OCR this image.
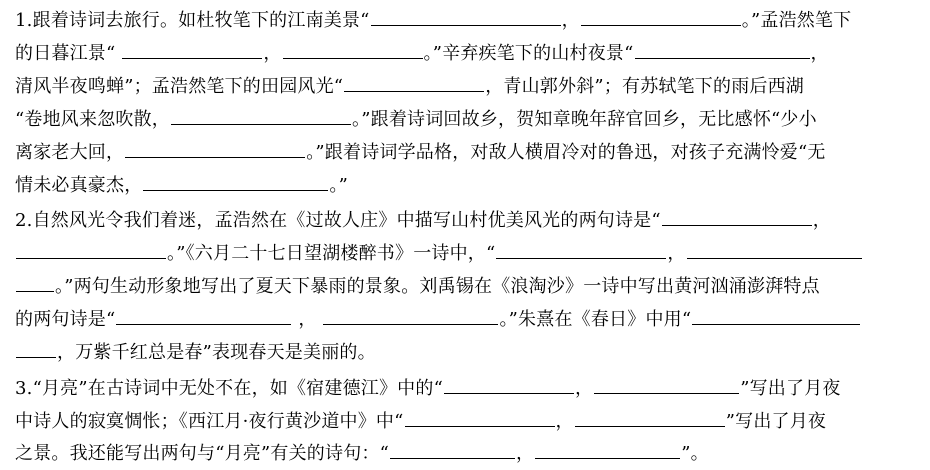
1.跟着诗词去旅行。如杜牧笔下的江南美景“	，	。”孟浩然笔下
的日暮江景“	，	。”辛弃疾笔下的山村夜景“	，
清风半夜鸣蝉”；孟浩然笔下的田园风光“	，青山郭外斜”；有苏轼笔下的雨后西湖
“卷地风来忽吹散，	。”跟着诗词回故乡，贺知章晚年辞官回乡，无比感怀“少小
离家老大回，	。”跟着诗词学品格，对敌人横眉冷对的鲁迅，对孩子充满怜爱“无
情未必真豪杰，	。”
2.自然风光令我们着迷，孟浩然在《过故人庄》中描写山村优美风光的两句诗是“	，
。”《六月二十七日望湖楼醉书》一诗中，“	，
。”两句生动形象地写出了夏天下暴雨的景象。刘禹锡在《浪淘沙》一诗中写出黄河汹涌澎湃特点
的两句诗是“	，	。”朱熹在《春日》中用“
，万紫千红总是春”表现春天是美丽的。
3.“月亮”在古诗词中无处不在，如《宿建德江》中的“	，	”写出了月夜
中诗人的寂寞惆怅；《西江月·夜行黄沙道中》中“	，	”写出了月夜
之景。我还能写出两句与“月亮”有关的诗句：“	，	”。
